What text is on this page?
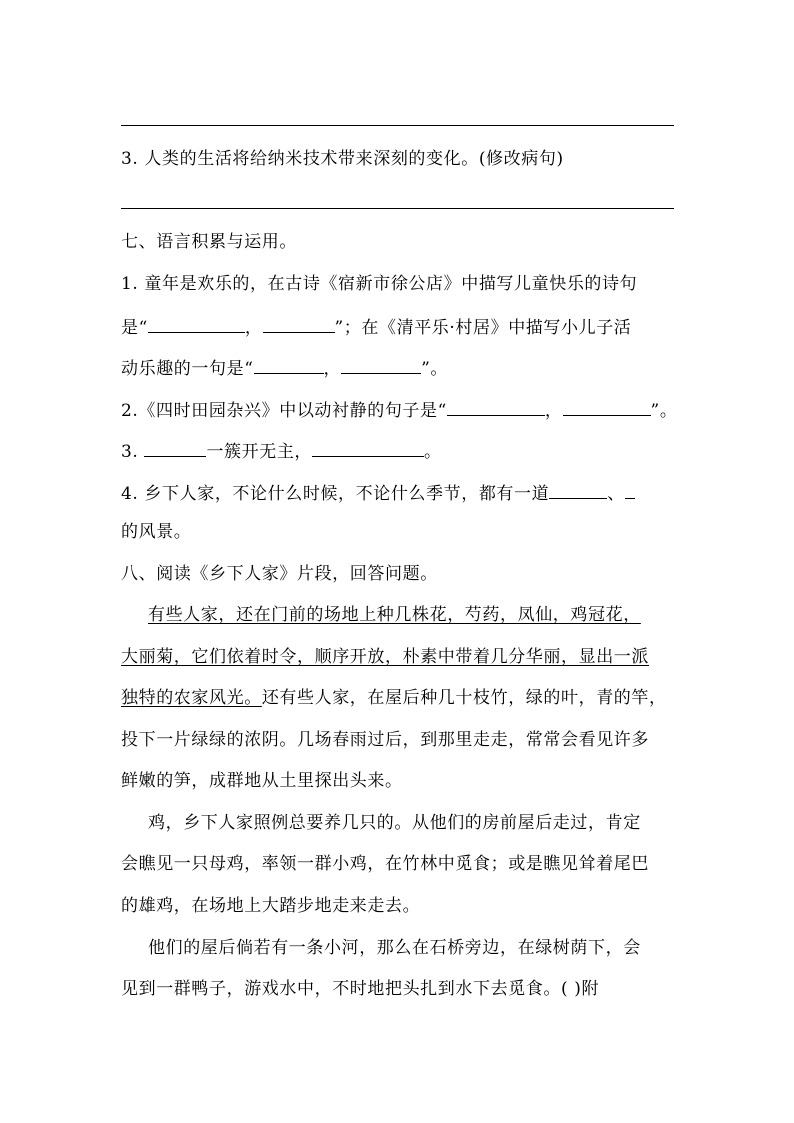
3. 人类的生活将给纳米技术带来深刻的变化。(修改病句)
七、语言积累与运用。
1. 童年是欢乐的，在古诗《宿新市徐公店》中描写儿童快乐的诗句
是“	，	”；在《清平乐·村居》中描写小儿子活
动乐趣的一句是“	，	”。
2.《四时田园杂兴》中以动衬静的句子是“	，	”。
3.	一簇开无主，	。
4. 乡下人家，不论什么时候，不论什么季节，都有一道	、
的风景。
八、阅读《乡下人家》片段，回答问题。
有些人家，还在门前的场地上种几株花，芍药，凤仙，鸡冠花，
大丽菊，它们依着时令，顺序开放，朴素中带着几分华丽，显出一派
独特的农家风光。还有些人家，在屋后种几十枝竹，绿的叶，青的竿，
投下一片绿绿的浓阴。几场春雨过后，到那里走走，常常会看见许多
鲜嫩的笋，成群地从土里探出头来。
鸡，乡下人家照例总要养几只的。从他们的房前屋后走过，肯定
会瞧见一只母鸡，率领一群小鸡，在竹林中觅食；或是瞧见耸着尾巴
的雄鸡，在场地上大踏步地走来走去。
他们的屋后倘若有一条小河，那么在石桥旁边，在绿树荫下，会
见到一群鸭子，游戏水中，不时地把头扎到水下去觅食。( )附
